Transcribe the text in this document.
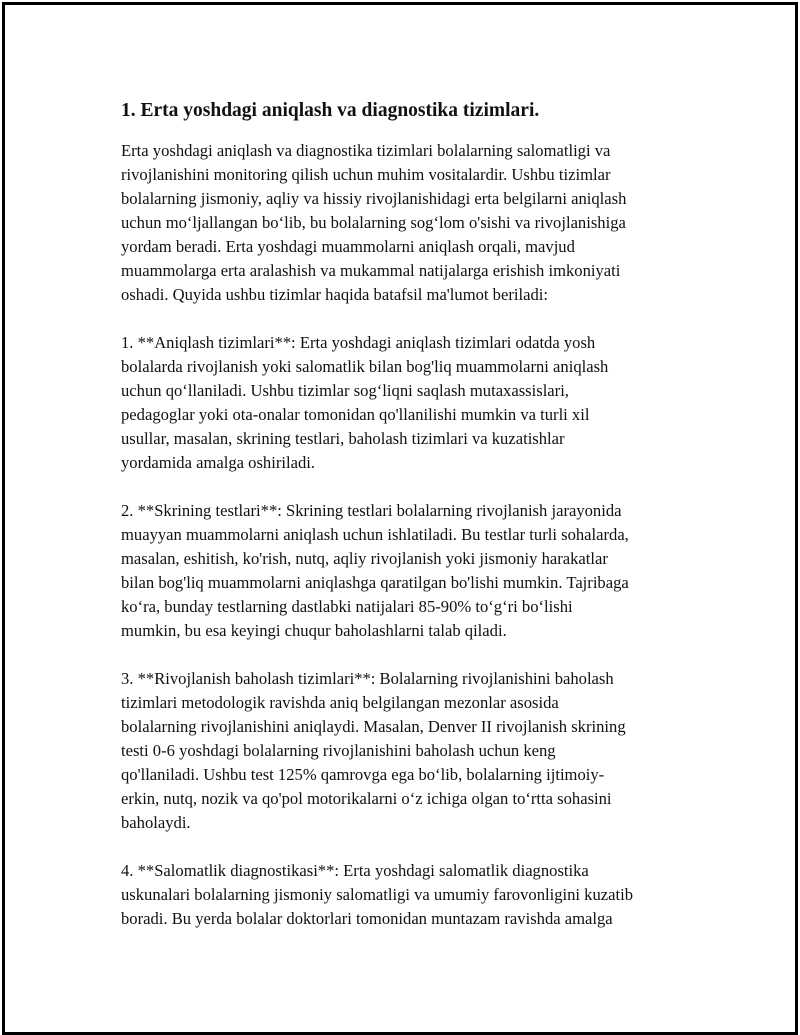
1. Erta yoshdagi aniqlash va diagnostika tizimlari.
Erta yoshdagi aniqlash va diagnostika tizimlari bolalarning salomatligi va
rivojlanishini monitoring qilish uchun muhim vositalardir. Ushbu tizimlar
bolalarning jismoniy, aqliy va hissiy rivojlanishidagi erta belgilarni aniqlash
uchun moʻljallangan boʻlib, bu bolalarning sogʻlom o'sishi va rivojlanishiga
yordam beradi. Erta yoshdagi muammolarni aniqlash orqali, mavjud
muammolarga erta aralashish va mukammal natijalarga erishish imkoniyati
oshadi. Quyida ushbu tizimlar haqida batafsil ma'lumot beriladi:
1. **Aniqlash tizimlari**: Erta yoshdagi aniqlash tizimlari odatda yosh
bolalarda rivojlanish yoki salomatlik bilan bog'liq muammolarni aniqlash
uchun qoʻllaniladi. Ushbu tizimlar sogʻliqni saqlash mutaxassislari,
pedagoglar yoki ota-onalar tomonidan qo'llanilishi mumkin va turli xil
usullar, masalan, skrining testlari, baholash tizimlari va kuzatishlar
yordamida amalga oshiriladi.
2. **Skrining testlari**: Skrining testlari bolalarning rivojlanish jarayonida
muayyan muammolarni aniqlash uchun ishlatiladi. Bu testlar turli sohalarda,
masalan, eshitish, ko'rish, nutq, aqliy rivojlanish yoki jismoniy harakatlar
bilan bog'liq muammolarni aniqlashga qaratilgan bo'lishi mumkin. Tajribaga
koʻra, bunday testlarning dastlabki natijalari 85-90% toʻgʻri boʻlishi
mumkin, bu esa keyingi chuqur baholashlarni talab qiladi.
3. **Rivojlanish baholash tizimlari**: Bolalarning rivojlanishini baholash
tizimlari metodologik ravishda aniq belgilangan mezonlar asosida
bolalarning rivojlanishini aniqlaydi. Masalan, Denver II rivojlanish skrining
testi 0-6 yoshdagi bolalarning rivojlanishini baholash uchun keng
qo'llaniladi. Ushbu test 125% qamrovga ega boʻlib, bolalarning ijtimoiy-
erkin, nutq, nozik va qo'pol motorikalarni oʻz ichiga olgan toʻrtta sohasini
baholaydi.
4. **Salomatlik diagnostikasi**: Erta yoshdagi salomatlik diagnostika
uskunalari bolalarning jismoniy salomatligi va umumiy farovonligini kuzatib
boradi. Bu yerda bolalar doktorlari tomonidan muntazam ravishda amalga
